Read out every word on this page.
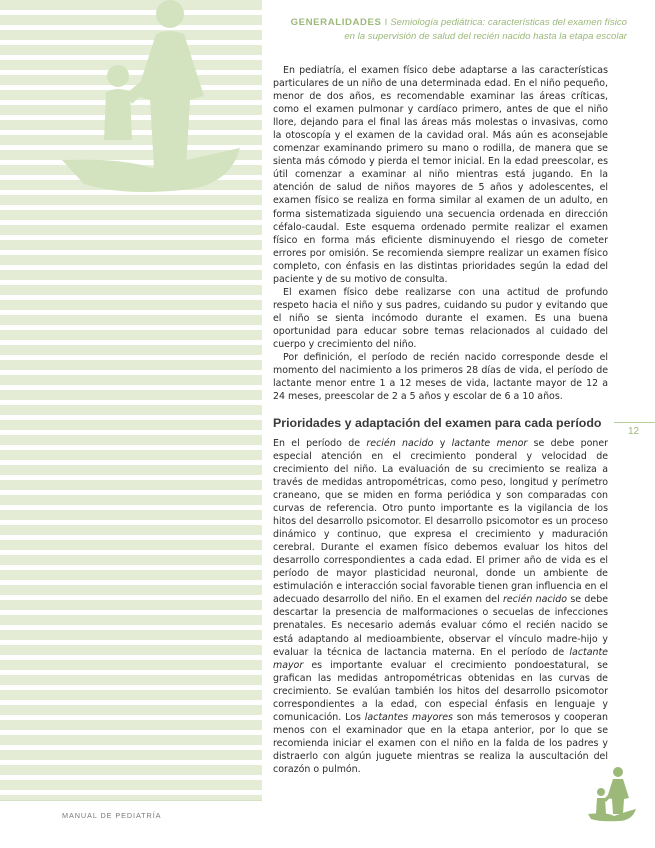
GENERALIDADES I Semiología pediátrica: características del examen físico
en la supervisión de salud del recién nacido hasta la etapa escolar

En pediatría, el examen físico debe adaptarse a las características particulares de un niño de una determinada edad. En el niño pequeño, menor de dos años, es recomendable examinar las áreas críticas, como el examen pulmonar y cardíaco primero, antes de que el niño llore, dejando para el final las áreas más molestas o invasivas, como la otoscopía y el examen de la cavidad oral. Más aún es aconsejable comenzar examinando primero su mano o rodilla, de manera que se sienta más cómodo y pierda el temor inicial. En la edad preescolar, es útil comenzar a examinar al niño mientras está jugando. En la atención de salud de niños mayores de 5 años y adolescentes, el examen físico se realiza en forma similar al examen de un adulto, en forma sistematizada siguiendo una secuencia ordenada en dirección céfalo-caudal. Este esquema ordenado permite realizar el examen físico en forma más eficiente disminuyendo el riesgo de cometer errores por omisión. Se recomienda siempre realizar un examen físico completo, con énfasis en las distintas prioridades según la edad del paciente y de su motivo de consulta.

El examen físico debe realizarse con una actitud de profundo respeto hacia el niño y sus padres, cuidando su pudor y evitando que el niño se sienta incómodo durante el examen. Es una buena oportunidad para educar sobre temas relacionados al cuidado del cuerpo y crecimiento del niño.

Por definición, el período de recién nacido corresponde desde el momento del nacimiento a los primeros 28 días de vida, el período de lactante menor entre 1 a 12 meses de vida, lactante mayor de 12 a 24 meses, preescolar de 2 a 5 años y escolar de 6 a 10 años.

Prioridades y adaptación del examen para cada período

En el período de recién nacido y lactante menor se debe poner especial atención en el crecimiento ponderal y velocidad de crecimiento del niño. La evaluación de su crecimiento se realiza a través de medidas antropométricas, como peso, longitud y perímetro craneano, que se miden en forma periódica y son comparadas con curvas de referencia. Otro punto importante es la vigilancia de los hitos del desarrollo psicomotor. El desarrollo psicomotor es un proceso dinámico y continuo, que expresa el crecimiento y maduración cerebral. Durante el examen físico debemos evaluar los hitos del desarrollo correspondientes a cada edad. El primer año de vida es el período de mayor plasticidad neuronal, donde un ambiente de estimulación e interacción social favorable tienen gran influencia en el adecuado desarrollo del niño. En el examen del recién nacido se debe descartar la presencia de malformaciones o secuelas de infecciones prenatales. Es necesario además evaluar cómo el recién nacido se está adaptando al medioambiente, observar el vínculo madre-hijo y evaluar la técnica de lactancia materna. En el período de lactante mayor es importante evaluar el crecimiento pondoestatural, se grafican las medidas antropométricas obtenidas en las curvas de crecimiento. Se evalúan también los hitos del desarrollo psicomotor correspondientes a la edad, con especial énfasis en lenguaje y comunicación. Los lactantes mayores son más temerosos y cooperan menos con el examinador que en la etapa anterior, por lo que se recomienda iniciar el examen con el niño en la falda de los padres y distraerlo con algún juguete mientras se realiza la auscultación del corazón o pulmón.

12
MANUAL DE PEDIATRÍA
